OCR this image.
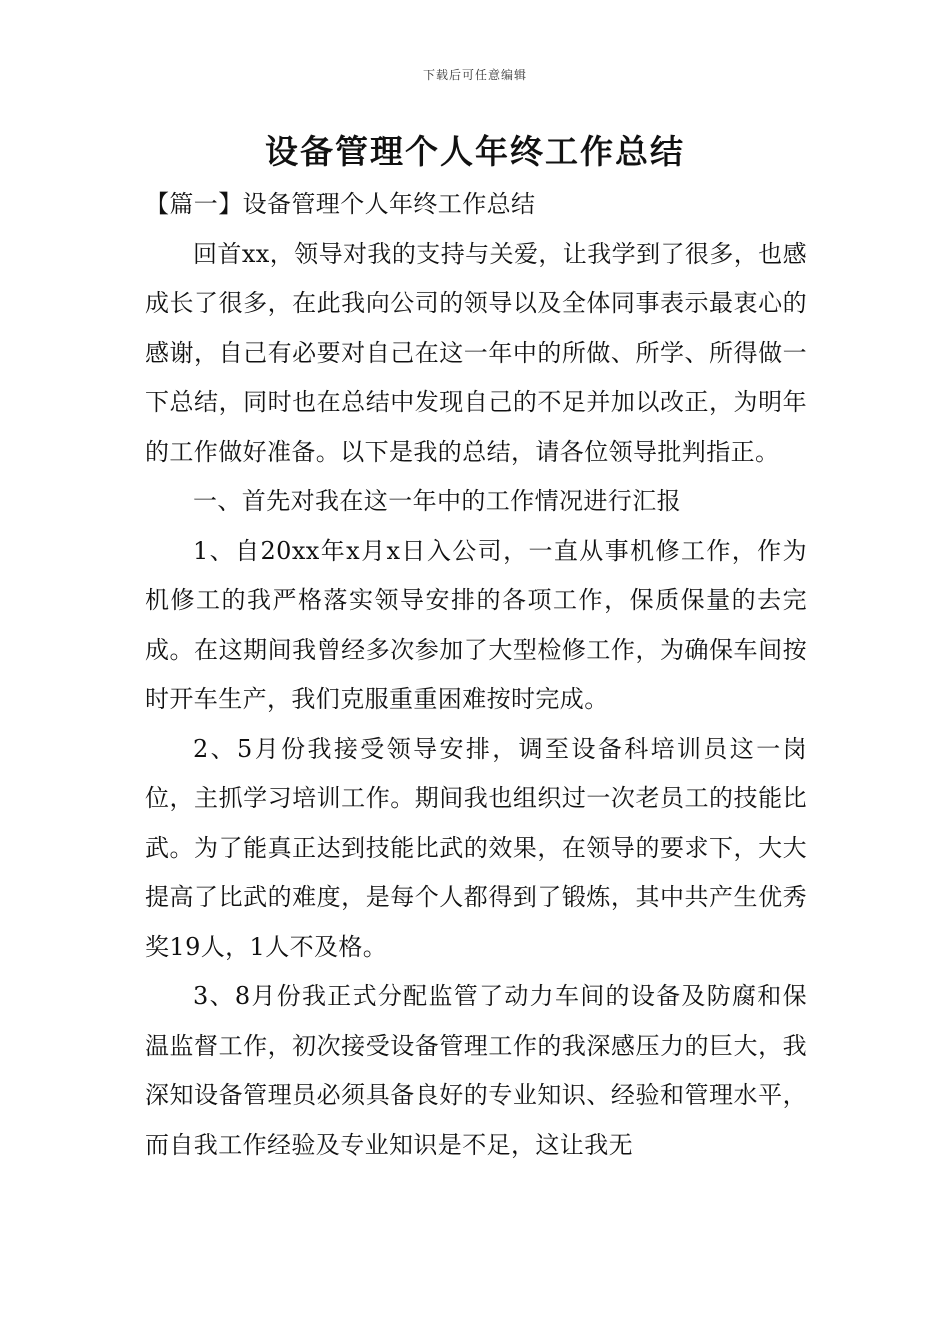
下载后可任意编辑
设备管理个人年终工作总结

【篇一】设备管理个人年终工作总结

回首xx，领导对我的支持与关爱，让我学到了很多，也感成长了很多，在此我向公司的领导以及全体同事表示最衷心的感谢，自己有必要对自己在这一年中的所做、所学、所得做一下总结，同时也在总结中发现自己的不足并加以改正，为明年的工作做好准备。以下是我的总结，请各位领导批判指正。

一、首先对我在这一年中的工作情况进行汇报

1、自20xx年x月x日入公司，一直从事机修工作，作为机修工的我严格落实领导安排的各项工作，保质保量的去完成。在这期间我曾经多次参加了大型检修工作，为确保车间按时开车生产，我们克服重重困难按时完成。

2、5月份我接受领导安排，调至设备科培训员这一岗位，主抓学习培训工作。期间我也组织过一次老员工的技能比武。为了能真正达到技能比武的效果，在领导的要求下，大大提高了比武的难度，是每个人都得到了锻炼，其中共产生优秀奖19人，1人不及格。

3、8月份我正式分配监管了动力车间的设备及防腐和保温监督工作，初次接受设备管理工作的我深感压力的巨大，我深知设备管理员必须具备良好的专业知识、经验和管理水平，而自我工作经验及专业知识是不足，这让我无
